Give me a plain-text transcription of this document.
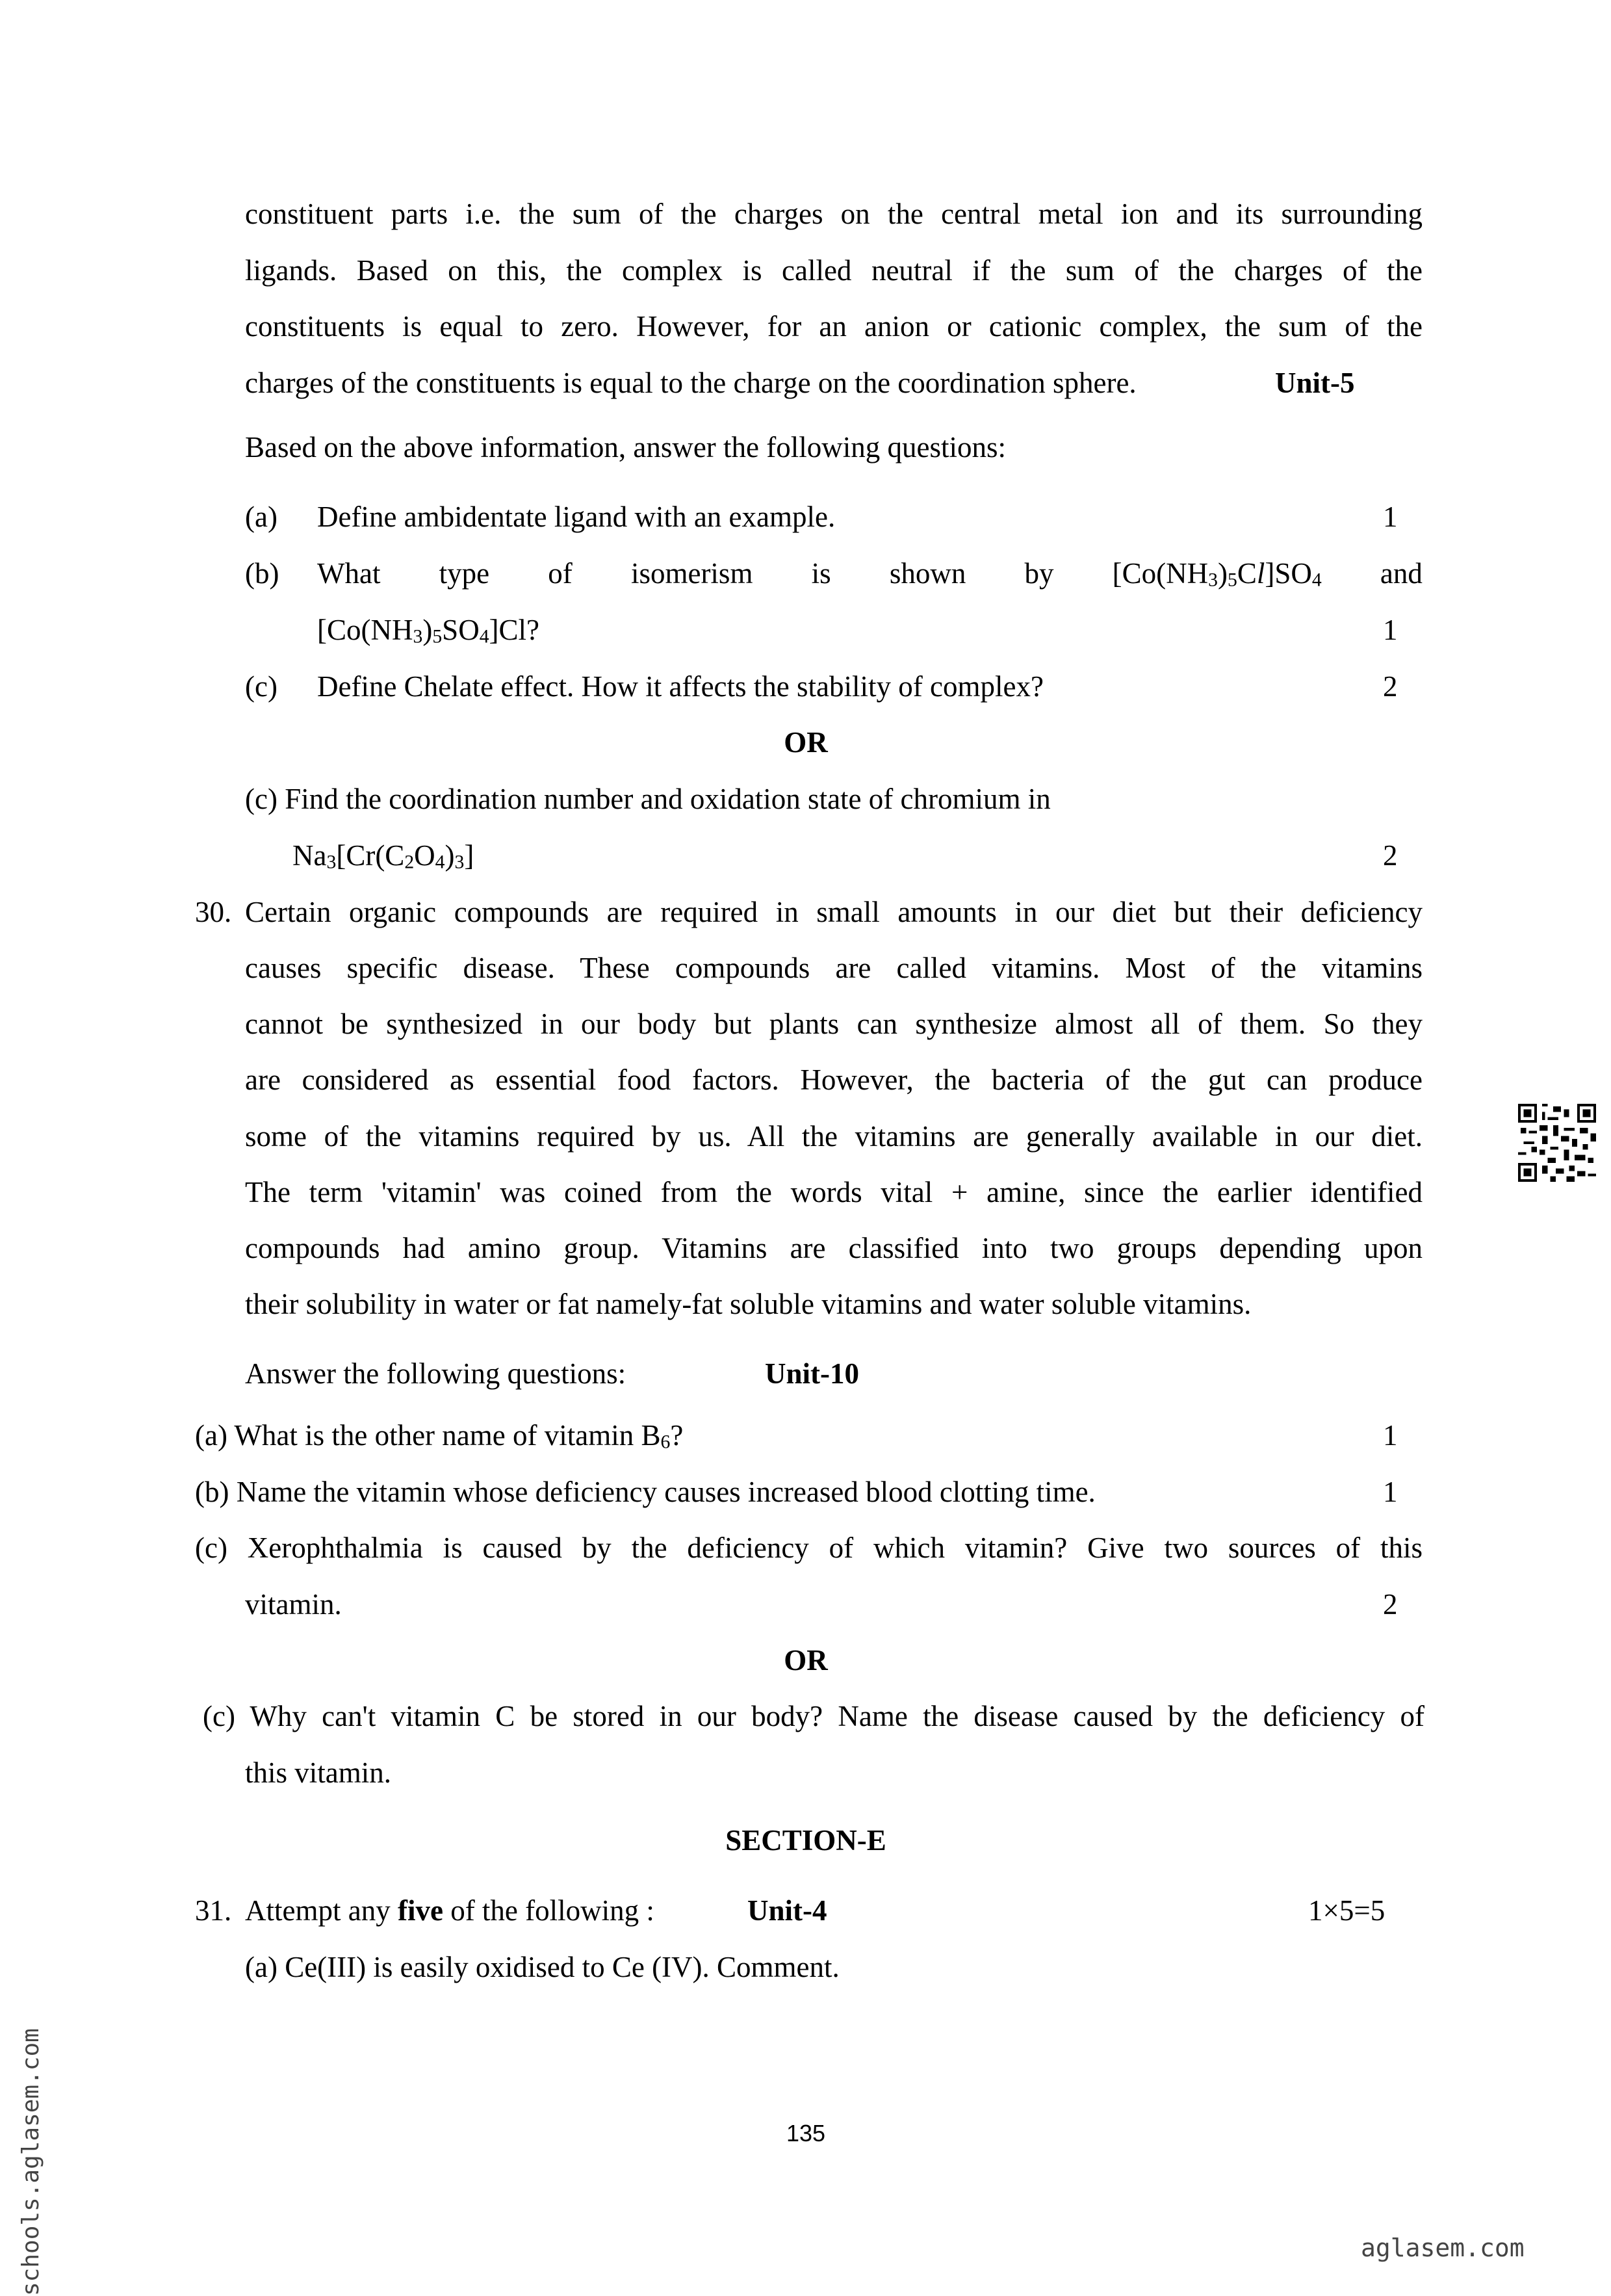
constituent parts i.e. the sum of the charges on the central metal ion and its surrounding
ligands. Based on this, the complex is called neutral if the sum of the charges of the
constituents is equal to zero. However, for an anion or cationic complex, the sum of the
charges of the constituents is equal to the charge on the coordination sphere.	Unit-5
Based on the above information, answer the following questions:
(a) Define ambidentate ligand with an example.	1
(b) What type of isomerism is shown by $[Co(NH_3)_5Cl]SO_4$ and
$[Co(NH_3)_5SO_4]Cl$?	1
(c) Define Chelate effect. How it affects the stability of complex?	2
OR
(c) Find the coordination number and oxidation state of chromium in
$Na_3[Cr(C_2O_4)_3]$	2
30. Certain organic compounds are required in small amounts in our diet but their deficiency
causes specific disease. These compounds are called vitamins. Most of the vitamins
cannot be synthesized in our body but plants can synthesize almost all of them. So they
are considered as essential food factors. However, the bacteria of the gut can produce
some of the vitamins required by us. All the vitamins are generally available in our diet.
The term 'vitamin' was coined from the words vital + amine, since the earlier identified
compounds had amino group. Vitamins are classified into two groups depending upon
their solubility in water or fat namely-fat soluble vitamins and water soluble vitamins.
Answer the following questions:	Unit-10
(a) What is the other name of vitamin $B_6$?	1
(b) Name the vitamin whose deficiency causes increased blood clotting time.	1
(c) Xerophthalmia is caused by the deficiency of which vitamin? Give two sources of this
vitamin.	2
OR
(c) Why can't vitamin C be stored in our body? Name the disease caused by the deficiency of
this vitamin.
SECTION-E
31. Attempt any five of the following :	Unit-4	1×5=5
(a) Ce(III) is easily oxidised to Ce (IV). Comment.
135
schools.aglasem.com	aglasem.com
